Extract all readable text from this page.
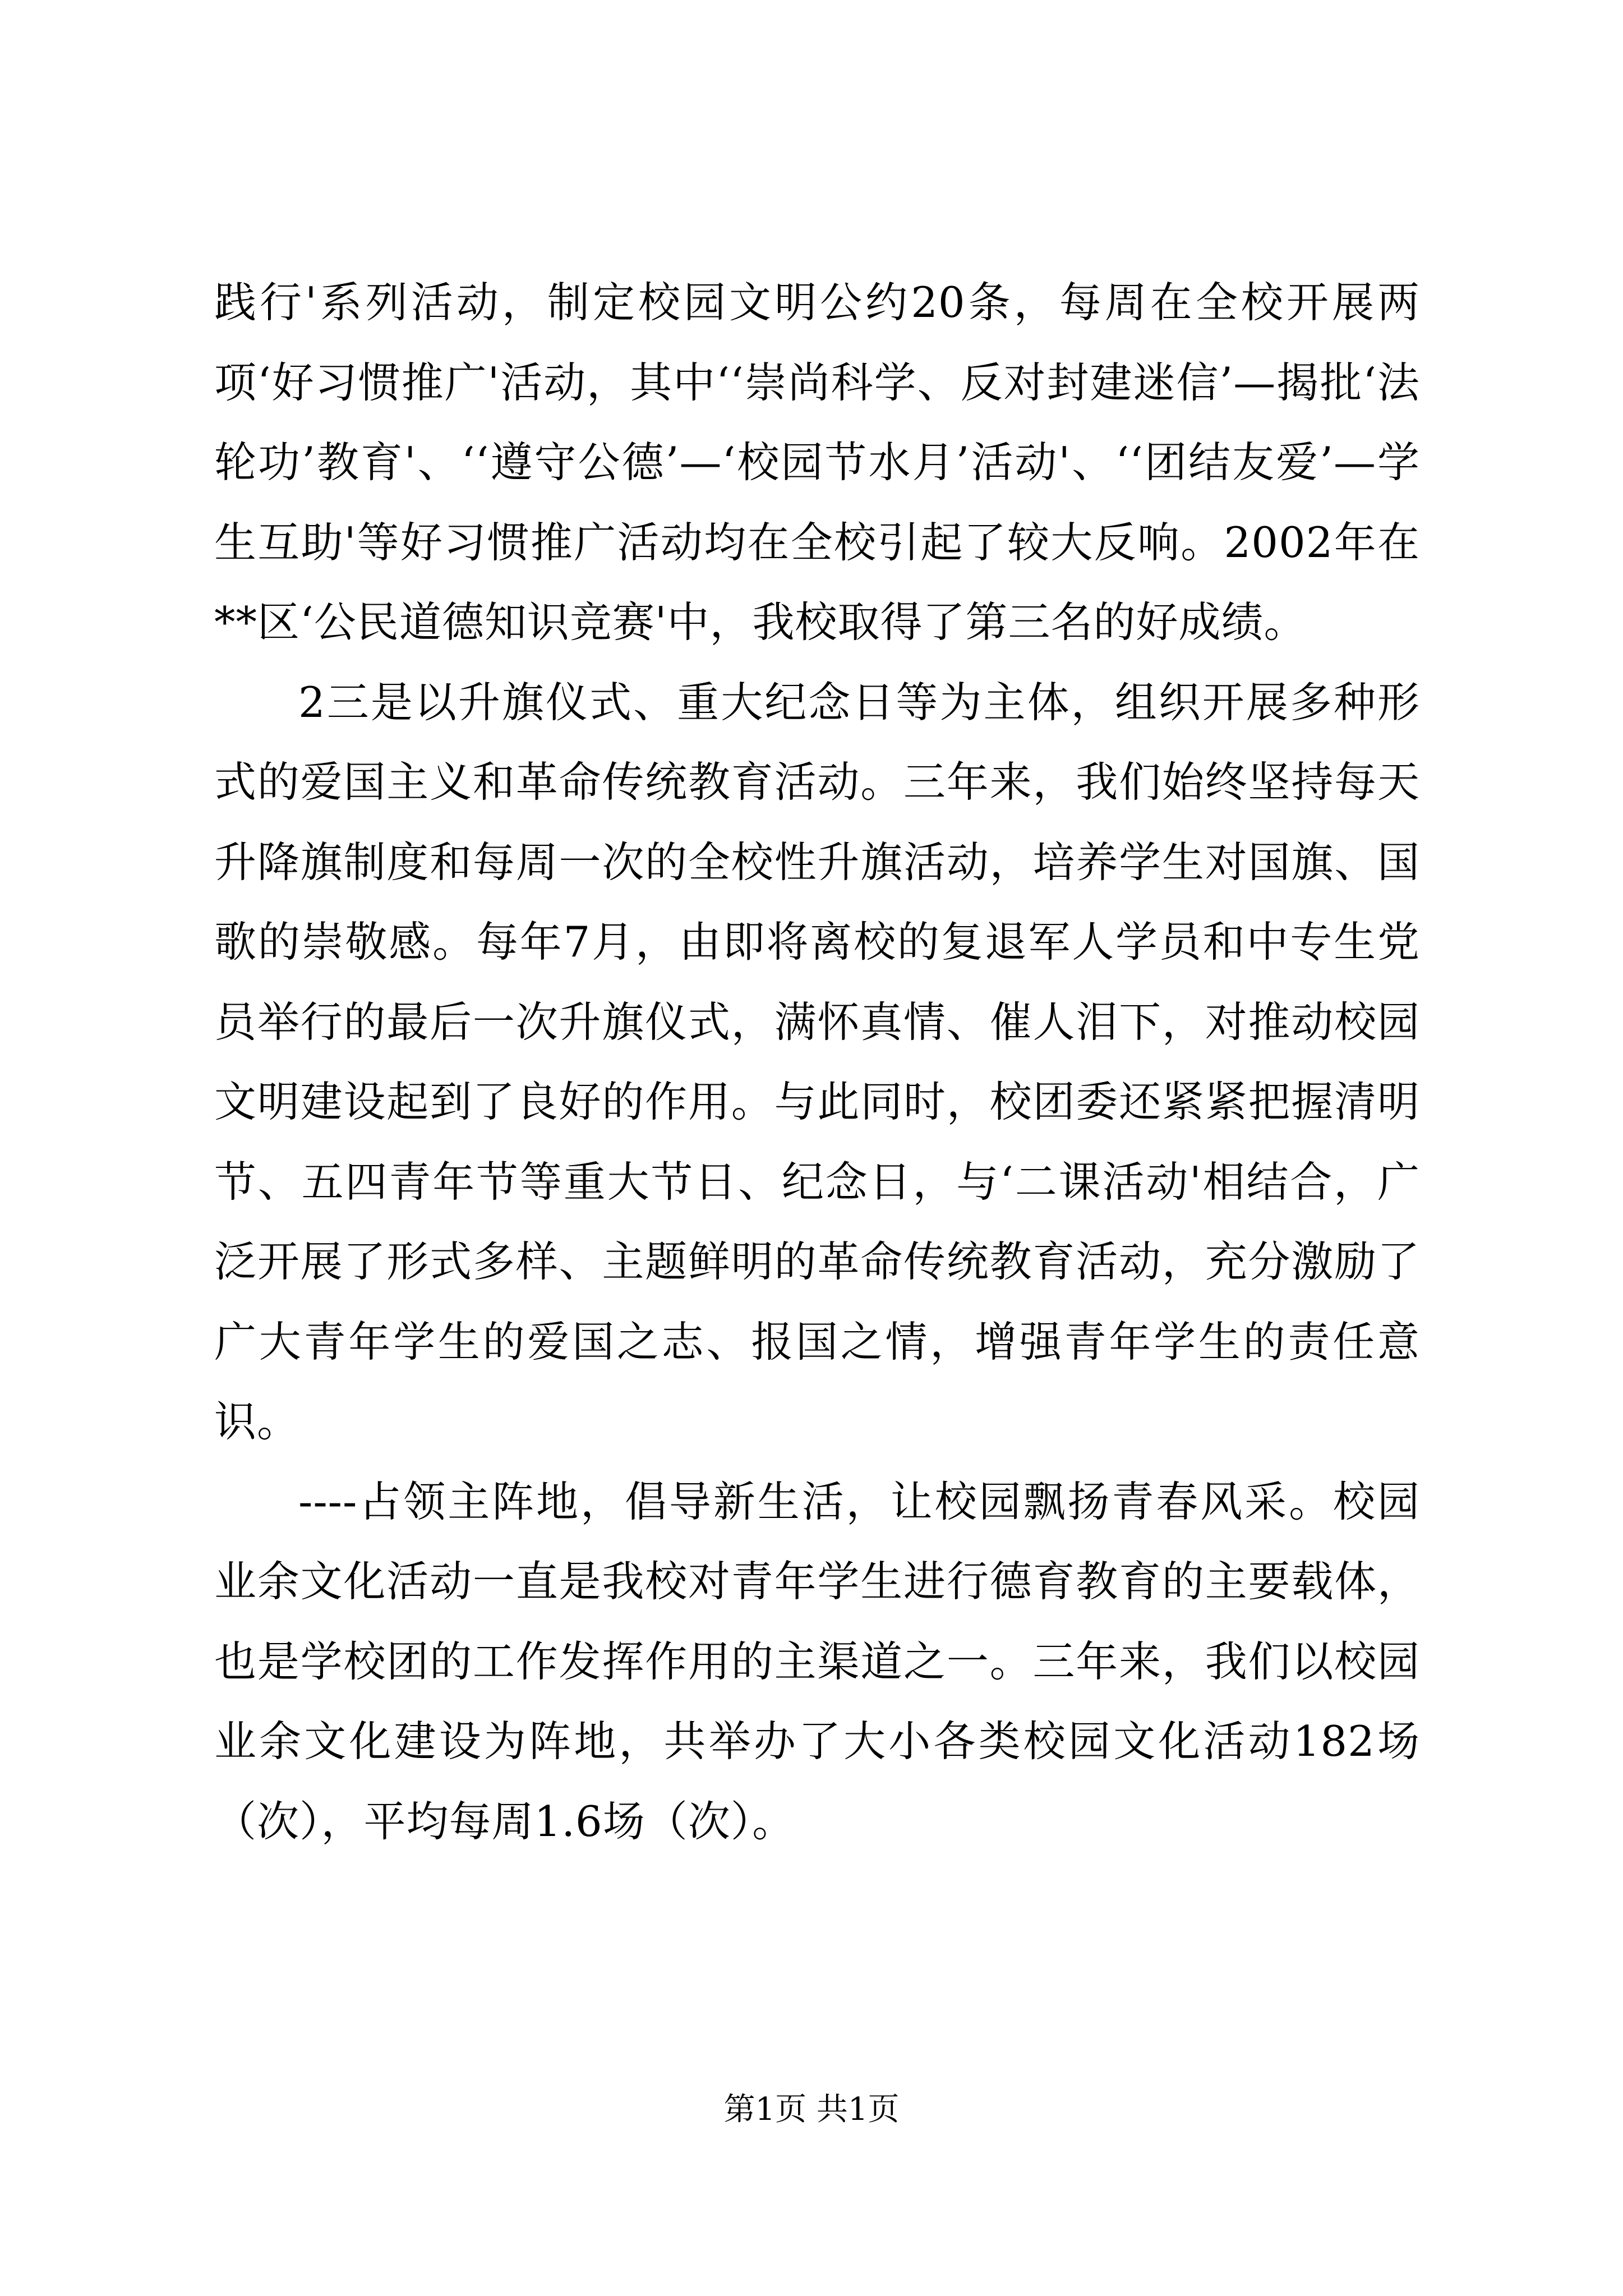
践行'系列活动，制定校园文明公约20条，每周在全校开展两项‘好习惯推广'活动，其中‘‘崇尚科学、反对封建迷信’—揭批‘法轮功’教育'、‘‘遵守公德’—‘校园节水月’活动'、‘‘团结友爱’—学生互助'等好习惯推广活动均在全校引起了较大反响。2002年在**区‘公民道德知识竞赛'中，我校取得了第三名的好成绩。

2三是以升旗仪式、重大纪念日等为主体，组织开展多种形式的爱国主义和革命传统教育活动。三年来，我们始终坚持每天升降旗制度和每周一次的全校性升旗活动，培养学生对国旗、国歌的崇敬感。每年7月，由即将离校的复退军人学员和中专生党员举行的最后一次升旗仪式，满怀真情、催人泪下，对推动校园文明建设起到了良好的作用。与此同时，校团委还紧紧把握清明节、五四青年节等重大节日、纪念日，与‘二课活动'相结合，广泛开展了形式多样、主题鲜明的革命传统教育活动，充分激励了广大青年学生的爱国之志、报国之情，增强青年学生的责任意识。

----占领主阵地，倡导新生活，让校园飘扬青春风采。校园业余文化活动一直是我校对青年学生进行德育教育的主要载体，也是学校团的工作发挥作用的主渠道之一。三年来，我们以校园业余文化建设为阵地，共举办了大小各类校园文化活动182场（次），平均每周1.6场（次）。

第1页 共1页
